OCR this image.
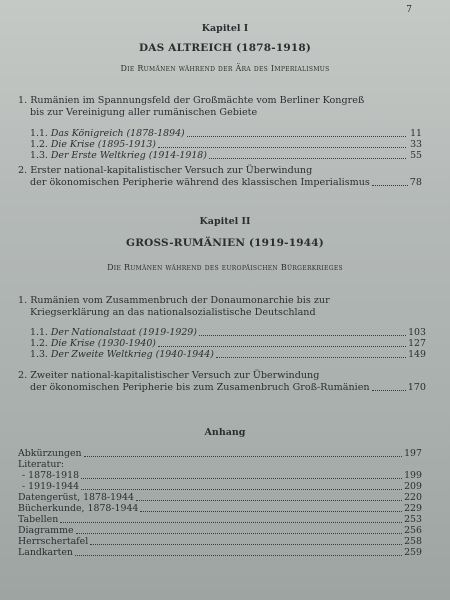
7
Kapitel I
DAS ALTREICH (1878-1918)
Die Rumänen während der Ära des Imperialismus
1. Rumänien im Spannungsfeld der Großmächte vom Berliner Kongreß
bis zur Vereinigung aller rumänischen Gebiete
1.1. Das Königreich (1878-1894)	11
1.2. Die Krise (1895-1913)	33
1.3. Der Erste Weltkrieg (1914-1918)	55
2. Erster national-kapitalistischer Versuch zur Überwindung
der ökonomischen Peripherie während des klassischen Imperialismus	78
Kapitel II
GROSS-RUMÄNIEN (1919-1944)
Die Rumänen während des europäischen Bürgerkrieges
1. Rumänien vom Zusammenbruch der Donaumonarchie bis zur
Kriegserklärung an das nationalsozialistische Deutschland
1.1. Der Nationalstaat (1919-1929)	103
1.2. Die Krise (1930-1940)	127
1.3. Der Zweite Weltkrieg (1940-1944)	149
2. Zweiter national-kapitalistischer Versuch zur Überwindung
der ökonomischen Peripherie bis zum Zusamenbruch Groß-Rumänien	170
Anhang
Abkürzungen	197
Literatur:
- 1878-1918	199
- 1919-1944	209
Datengerüst, 1878-1944	220
Bücherkunde, 1878-1944	229
Tabellen	253
Diagramme	256
Herrschertafel	258
Landkarten	259
